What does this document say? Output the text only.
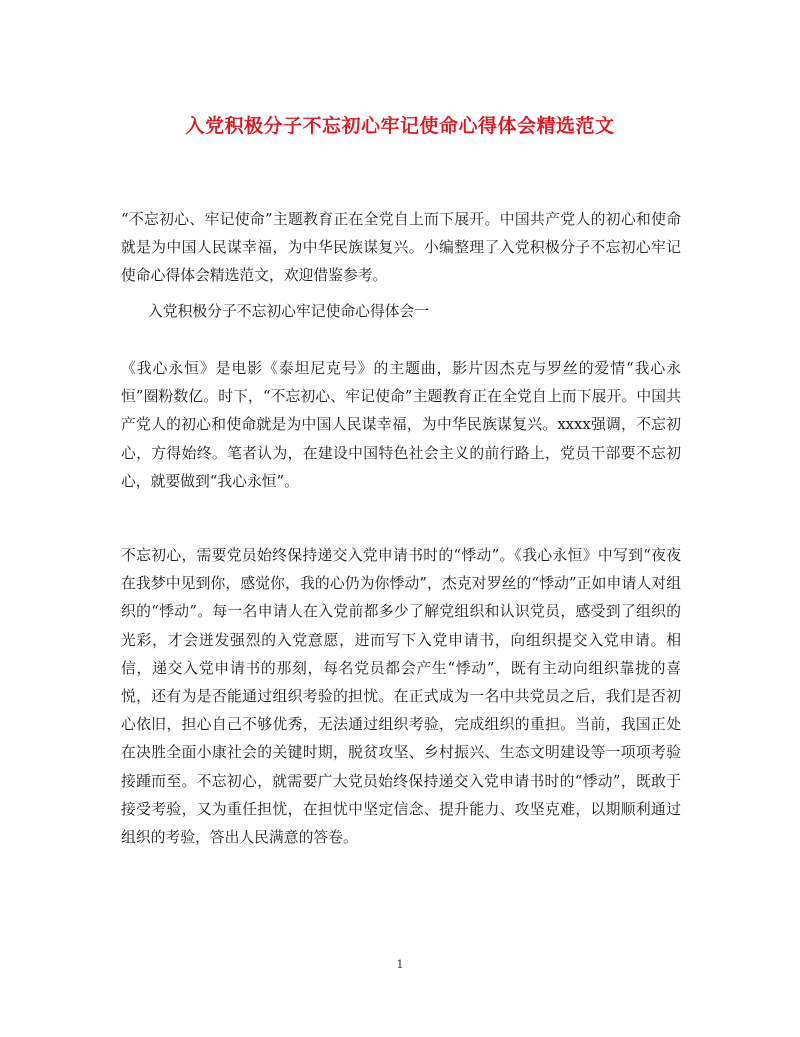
入党积极分子不忘初心牢记使命心得体会精选范文

“不忘初心、牢记使命”主题教育正在全党自上而下展开。中国共产党人的初心和使命就是为中国人民谋幸福，为中华民族谋复兴。小编整理了入党积极分子不忘初心牢记使命心得体会精选范文，欢迎借鉴参考。

入党积极分子不忘初心牢记使命心得体会一

《我心永恒》是电影《泰坦尼克号》的主题曲，影片因杰克与罗丝的爱情“我心永恒”圈粉数亿。时下，“不忘初心、牢记使命”主题教育正在全党自上而下展开。中国共产党人的初心和使命就是为中国人民谋幸福，为中华民族谋复兴。xxxx强调，不忘初心，方得始终。笔者认为，在建设中国特色社会主义的前行路上，党员干部要不忘初心，就要做到“我心永恒”。

不忘初心，需要党员始终保持递交入党申请书时的“悸动”。《我心永恒》中写到“夜夜在我梦中见到你，感觉你，我的心仍为你悸动”，杰克对罗丝的“悸动”正如申请人对组织的“悸动”。每一名申请人在入党前都多少了解党组织和认识党员，感受到了组织的光彩，才会迸发强烈的入党意愿，进而写下入党申请书，向组织提交入党申请。相信，递交入党申请书的那刻，每名党员都会产生“悸动”，既有主动向组织靠拢的喜悦，还有为是否能通过组织考验的担忧。在正式成为一名中共党员之后，我们是否初心依旧，担心自己不够优秀，无法通过组织考验，完成组织的重担。当前，我国正处在决胜全面小康社会的关键时期，脱贫攻坚、乡村振兴、生态文明建设等一项项考验接踵而至。不忘初心，就需要广大党员始终保持递交入党申请书时的“悸动”，既敢于接受考验，又为重任担忧，在担忧中坚定信念、提升能力、攻坚克难，以期顺利通过组织的考验，答出人民满意的答卷。

1
